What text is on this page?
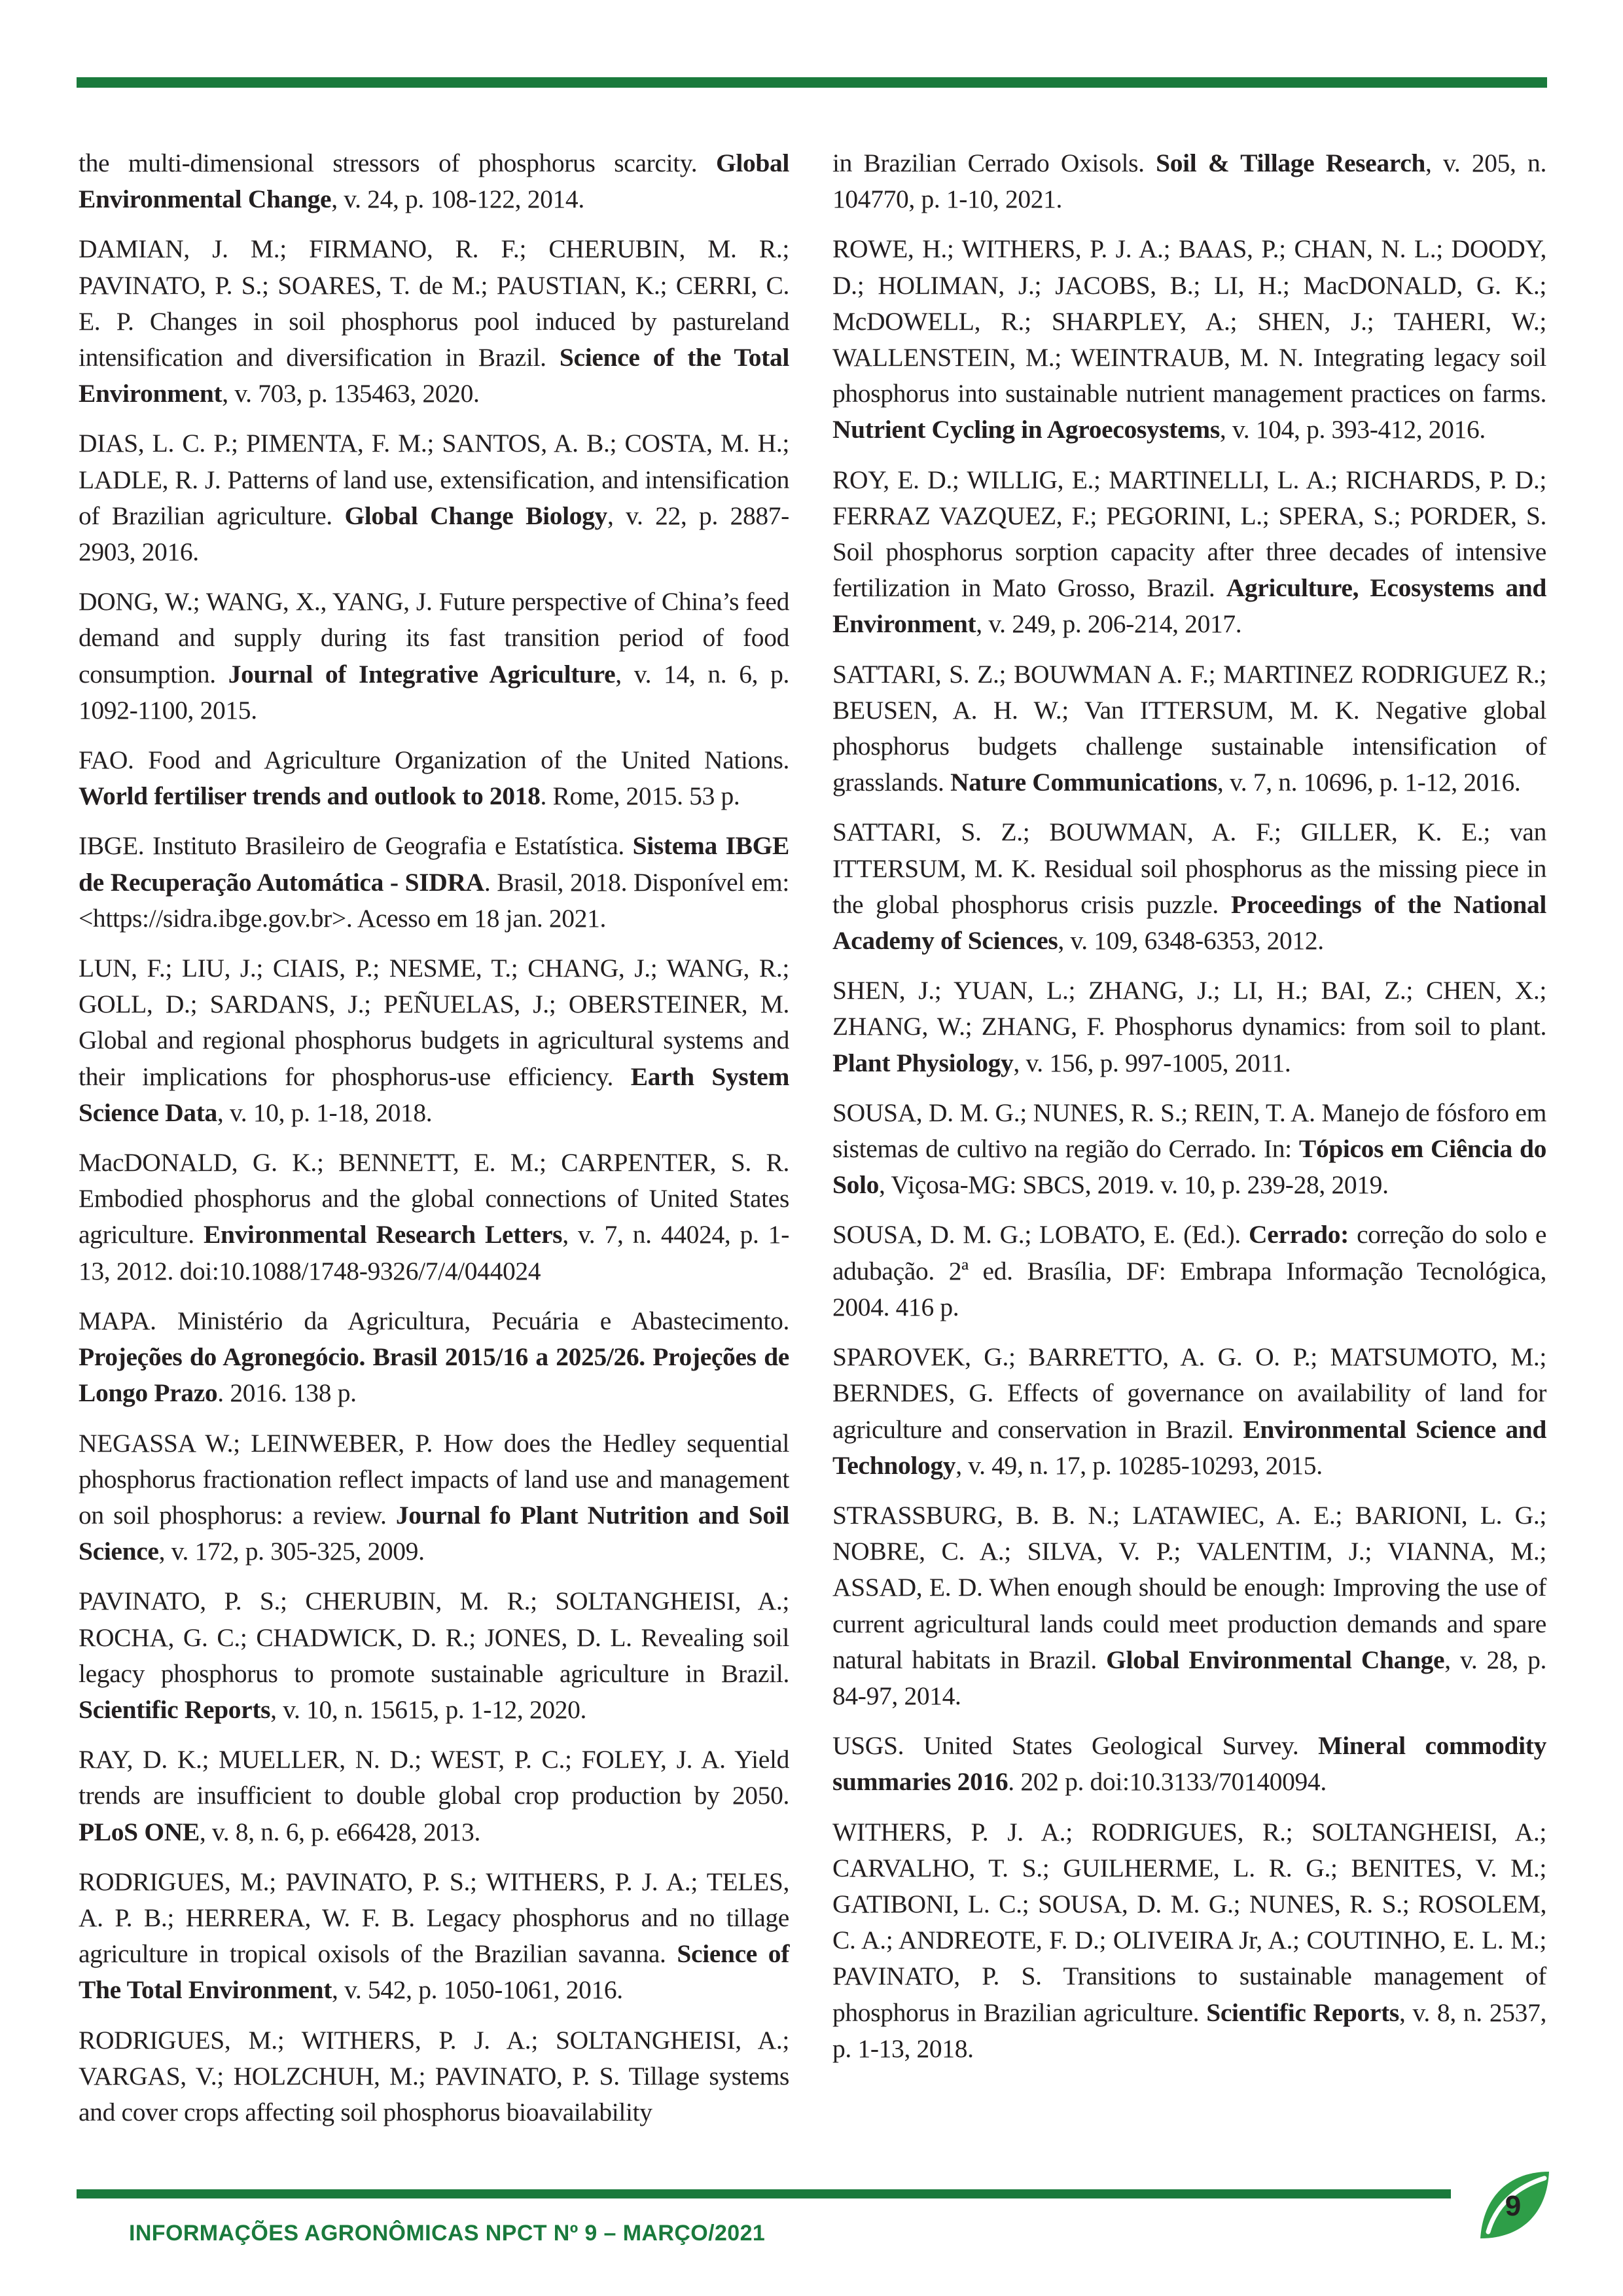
the multi-dimensional stressors of phosphorus scarcity. Global Environmental Change, v. 24, p. 108-122, 2014.

DAMIAN, J. M.; FIRMANO, R. F.; CHERUBIN, M. R.; PAVINATO, P. S.; SOARES, T. de M.; PAUSTIAN, K.; CERRI, C. E. P. Changes in soil phosphorus pool induced by pastureland intensification and diversification in Brazil. Science of the Total Environment, v. 703, p. 135463, 2020.

DIAS, L. C. P.; PIMENTA, F. M.; SANTOS, A. B.; COSTA, M. H.; LADLE, R. J. Patterns of land use, extensification, and intensification of Brazilian agriculture. Global Change Biology, v. 22, p. 2887-2903, 2016.

DONG, W.; WANG, X., YANG, J. Future perspective of China’s feed demand and supply during its fast transition period of food consumption. Journal of Integrative Agriculture, v. 14, n. 6, p. 1092-1100, 2015.

FAO. Food and Agriculture Organization of the United Nations. World fertiliser trends and outlook to 2018. Rome, 2015. 53 p.

IBGE. Instituto Brasileiro de Geografia e Estatística. Sistema IBGE de Recuperação Automática - SIDRA. Brasil, 2018. Disponível em: <https://sidra.ibge.gov.br>. Acesso em 18 jan. 2021.

LUN, F.; LIU, J.; CIAIS, P.; NESME, T.; CHANG, J.; WANG, R.; GOLL, D.; SARDANS, J.; PEÑUELAS, J.; OBERSTEINER, M. Global and regional phosphorus budgets in agricultural systems and their implications for phosphorus-use efficiency. Earth System Science Data, v. 10, p. 1-18, 2018.

MacDONALD, G. K.; BENNETT, E. M.; CARPENTER, S. R. Embodied phosphorus and the global connections of United States agriculture. Environmental Research Letters, v. 7, n. 44024, p. 1-13, 2012. doi:10.1088/1748-9326/7/4/044024

MAPA. Ministério da Agricultura, Pecuária e Abastecimento. Projeções do Agronegócio. Brasil 2015/16 a 2025/26. Projeções de Longo Prazo. 2016. 138 p.

NEGASSA W.; LEINWEBER, P. How does the Hedley sequential phosphorus fractionation reflect impacts of land use and management on soil phosphorus: a review. Journal fo Plant Nutrition and Soil Science, v. 172, p. 305-325, 2009.

PAVINATO, P. S.; CHERUBIN, M. R.; SOLTANGHEISI, A.; ROCHA, G. C.; CHADWICK, D. R.; JONES, D. L. Revealing soil legacy phosphorus to promote sustainable agriculture in Brazil. Scientific Reports, v. 10, n. 15615, p. 1-12, 2020.

RAY, D. K.; MUELLER, N. D.; WEST, P. C.; FOLEY, J. A. Yield trends are insufficient to double global crop production by 2050. PLoS ONE, v. 8, n. 6, p. e66428, 2013.

RODRIGUES, M.; PAVINATO, P. S.; WITHERS, P. J. A.; TELES, A. P. B.; HERRERA, W. F. B. Legacy phosphorus and no tillage agriculture in tropical oxisols of the Brazilian savanna. Science of The Total Environment, v. 542, p. 1050-1061, 2016.

RODRIGUES, M.; WITHERS, P. J. A.; SOLTANGHEISI, A.; VARGAS, V.; HOLZCHUH, M.; PAVINATO, P. S. Tillage systems and cover crops affecting soil phosphorus bioavailability

in Brazilian Cerrado Oxisols. Soil & Tillage Research, v. 205, n. 104770, p. 1-10, 2021.

ROWE, H.; WITHERS, P. J. A.; BAAS, P.; CHAN, N. L.; DOODY, D.; HOLIMAN, J.; JACOBS, B.; LI, H.; MacDONALD, G. K.; McDOWELL, R.; SHARPLEY, A.; SHEN, J.; TAHERI, W.; WALLENSTEIN, M.; WEINTRAUB, M. N. Integrating legacy soil phosphorus into sustainable nutrient management practices on farms. Nutrient Cycling in Agroecosystems, v. 104, p. 393-412, 2016.

ROY, E. D.; WILLIG, E.; MARTINELLI, L. A.; RICHARDS, P. D.; FERRAZ VAZQUEZ, F.; PEGORINI, L.; SPERA, S.; PORDER, S. Soil phosphorus sorption capacity after three decades of intensive fertilization in Mato Grosso, Brazil. Agriculture, Ecosystems and Environment, v. 249, p. 206-214, 2017.

SATTARI, S. Z.; BOUWMAN A. F.; MARTINEZ RODRIGUEZ R.; BEUSEN, A. H. W.; Van ITTERSUM, M. K. Negative global phosphorus budgets challenge sustainable intensification of grasslands. Nature Communications, v. 7, n. 10696, p. 1-12, 2016.

SATTARI, S. Z.; BOUWMAN, A. F.; GILLER, K. E.; van ITTERSUM, M. K. Residual soil phosphorus as the missing piece in the global phosphorus crisis puzzle. Proceedings of the National Academy of Sciences, v. 109, 6348-6353, 2012.

SHEN, J.; YUAN, L.; ZHANG, J.; LI, H.; BAI, Z.; CHEN, X.; ZHANG, W.; ZHANG, F. Phosphorus dynamics: from soil to plant. Plant Physiology, v. 156, p. 997-1005, 2011.

SOUSA, D. M. G.; NUNES, R. S.; REIN, T. A. Manejo de fósforo em sistemas de cultivo na região do Cerrado. In: Tópicos em Ciência do Solo, Viçosa-MG: SBCS, 2019. v. 10, p. 239-28, 2019.

SOUSA, D. M. G.; LOBATO, E. (Ed.). Cerrado: correção do solo e adubação. 2ª ed. Brasília, DF: Embrapa Informação Tecnológica, 2004. 416 p.

SPAROVEK, G.; BARRETTO, A. G. O. P.; MATSUMOTO, M.; BERNDES, G. Effects of governance on availability of land for agriculture and conservation in Brazil. Environmental Science and Technology, v. 49, n. 17, p. 10285-10293, 2015.

STRASSBURG, B. B. N.; LATAWIEC, A. E.; BARIONI, L. G.; NOBRE, C. A.; SILVA, V. P.; VALENTIM, J.; VIANNA, M.; ASSAD, E. D. When enough should be enough: Improving the use of current agricultural lands could meet production demands and spare natural habitats in Brazil. Global Environmental Change, v. 28, p. 84-97, 2014.

USGS. United States Geological Survey. Mineral commodity summaries 2016. 202 p. doi:10.3133/70140094.

WITHERS, P. J. A.; RODRIGUES, R.; SOLTANGHEISI, A.; CARVALHO, T. S.; GUILHERME, L. R. G.; BENITES, V. M.; GATIBONI, L. C.; SOUSA, D. M. G.; NUNES, R. S.; ROSOLEM, C. A.; ANDREOTE, F. D.; OLIVEIRA Jr, A.; COUTINHO, E. L. M.; PAVINATO, P. S. Transitions to sustainable management of phosphorus in Brazilian agriculture. Scientific Reports, v. 8, n. 2537, p. 1-13, 2018.

INFORMAÇÕES AGRONÔMICAS NPCT Nº 9 – MARÇO/2021
9
